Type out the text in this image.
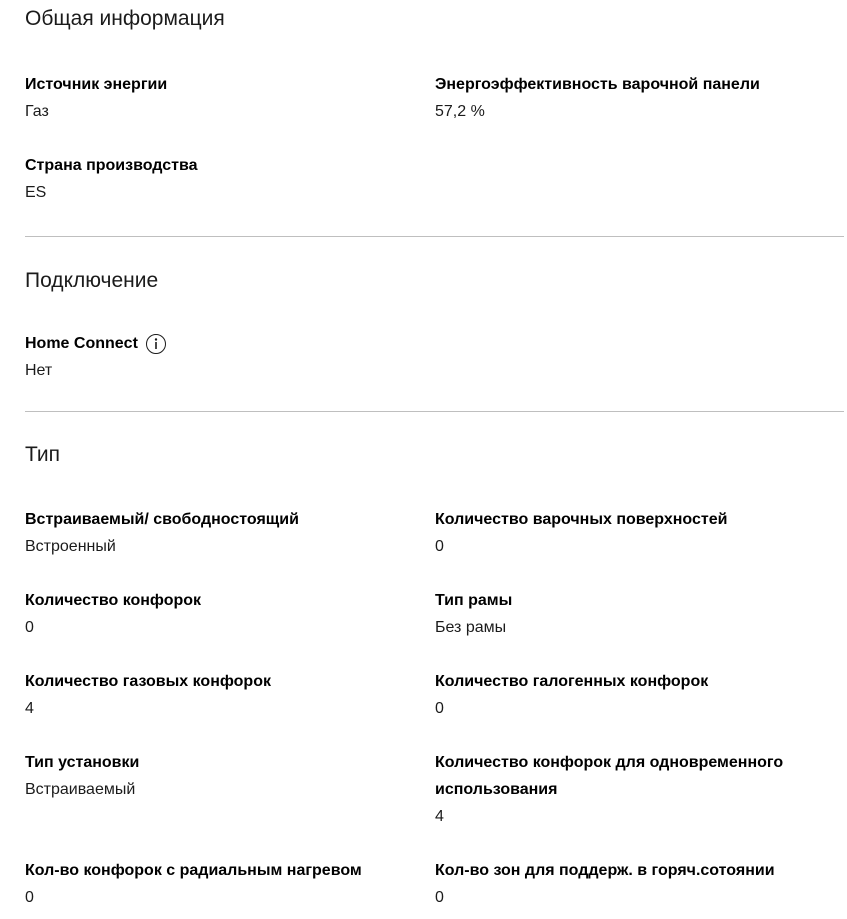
Общая информация
Источник энергии
Газ
Энергоэффективность варочной панели
57,2 %
Страна производства
ES
Подключение
Home Connect
Нет
Тип
Встраиваемый/ свободностоящий
Встроенный
Количество варочных поверхностей
0
Количество конфорок
0
Тип рамы
Без рамы
Количество газовых конфорок
4
Количество галогенных конфорок
0
Тип установки
Встраиваемый
Количество конфорок для одновременного использования
4
Кол-во конфорок с радиальным нагревом
0
Кол-во зон для поддерж. в горяч.сотоянии
0
